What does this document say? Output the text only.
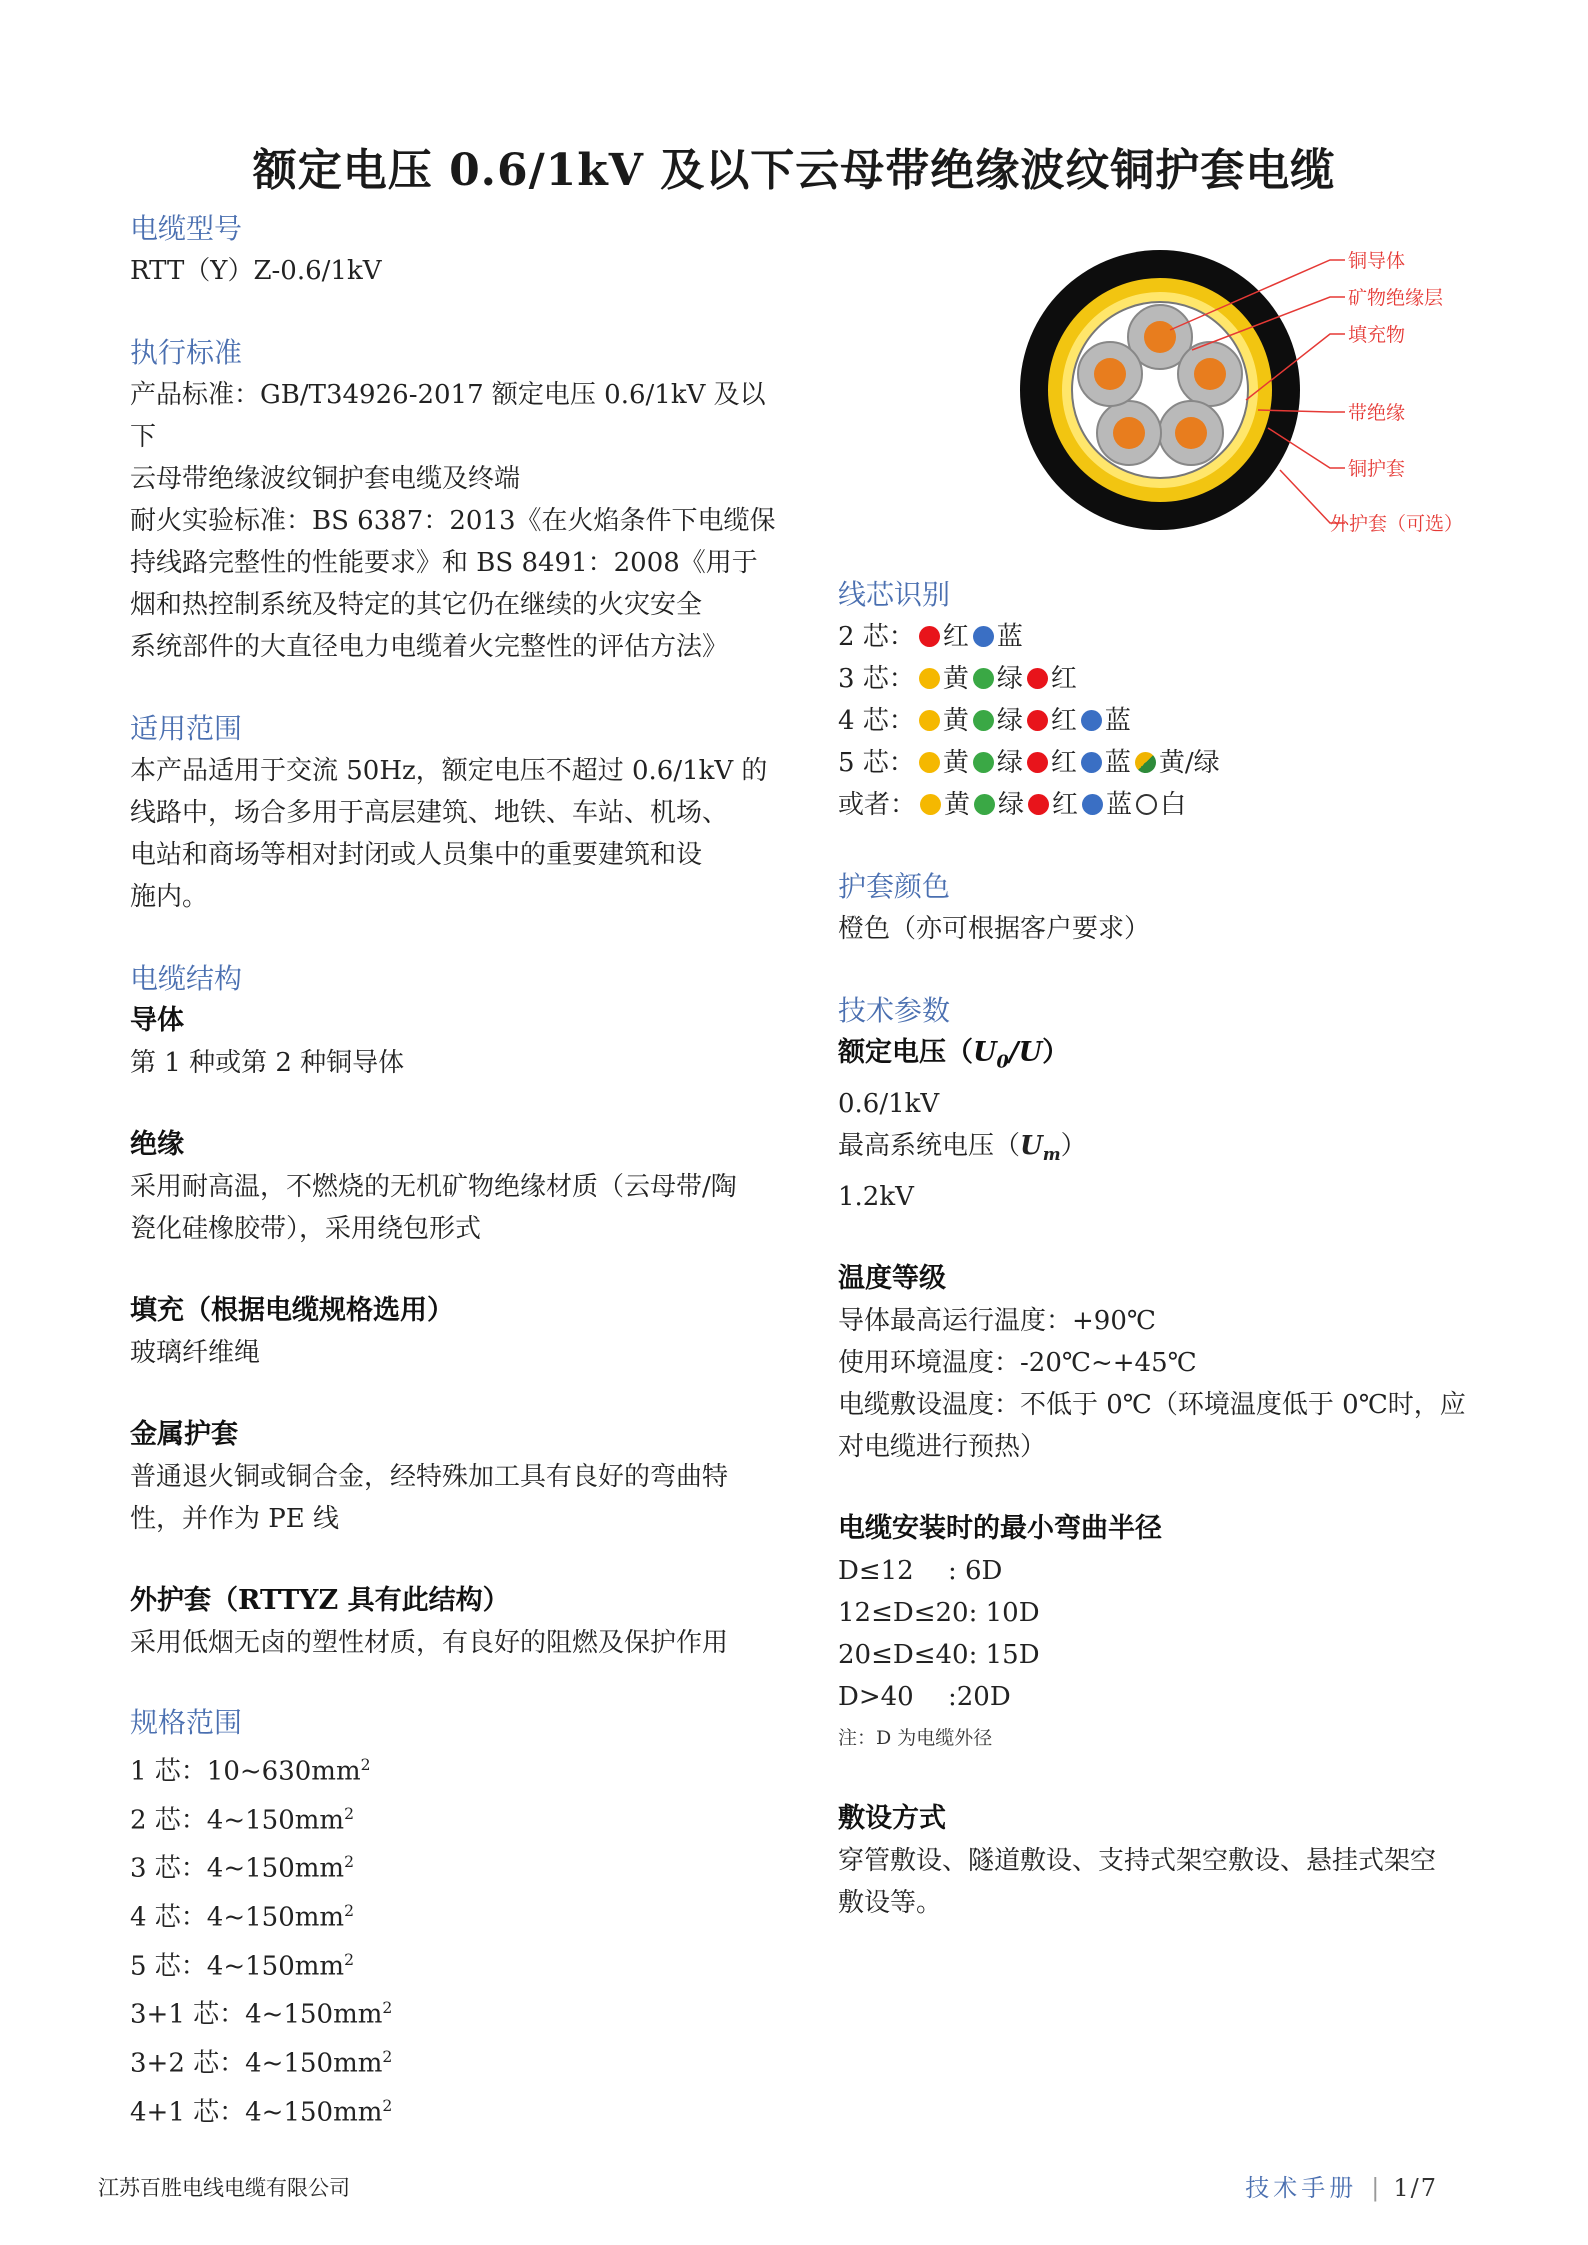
额定电压 0.6/1kV 及以下云母带绝缘波纹铜护套电缆

电缆型号

RTT（Y）Z-0.6/1kV

执行标准

产品标准：GB/T34926-2017 额定电压 0.6/1kV 及以下

云母带绝缘波纹铜护套电缆及终端

耐火实验标准：BS 6387：2013《在火焰条件下电缆保

持线路完整性的性能要求》和 BS 8491：2008《用于

烟和热控制系统及特定的其它仍在继续的火灾安全

系统部件的大直径电力电缆着火完整性的评估方法》

适用范围

本产品适用于交流 50Hz，额定电压不超过 0.6/1kV 的

线路中，场合多用于高层建筑、地铁、车站、机场、

电站和商场等相对封闭或人员集中的重要建筑和设

施内。

电缆结构

导体

第 1 种或第 2 种铜导体

绝缘

采用耐高温，不燃烧的无机矿物绝缘材质（云母带/陶

瓷化硅橡胶带），采用绕包形式

填充（根据电缆规格选用）

玻璃纤维绳

金属护套

普通退火铜或铜合金，经特殊加工具有良好的弯曲特

性，并作为 PE 线

外护套（RTTYZ 具有此结构）

采用低烟无卤的塑性材质，有良好的阻燃及保护作用

规格范围

1 芯：$10\sim 630mm^2$

2 芯：$4\sim 150mm^2$

3 芯：$4\sim 150mm^2$

4 芯：$4\sim 150mm^2$

5 芯：$4\sim 150mm^2$

3+1 芯：$4\sim 150mm^2$

3+2 芯：$4\sim 150mm^2$

4+1 芯：$4\sim 150mm^2$

铜导体
矿物绝缘层
填充物
带绝缘
铜护套
外护套（可选）

线芯识别

2 芯： 红 蓝

3 芯： 黄 绿 红

4 芯： 黄 绿 红 蓝

5 芯： 黄 绿 红 蓝 黄/绿

或者： 黄 绿 红 蓝 白

护套颜色

橙色（亦可根据客户要求）

技术参数

额定电压$(U_0/U)$

0.6/1kV

最高系统电压$(U_m)$

1.2kV

温度等级

导体最高运行温度：+90℃

使用环境温度：-20℃~+45℃

电缆敷设温度：不低于 0℃（环境温度低于 0℃时，应

对电缆进行预热）

电缆安装时的最小弯曲半径

D≤12　 : 6D

12≤D≤20: 10D

20≤D≤40: 15D

D>40　 :20D

注：D 为电缆外径

敷设方式

穿管敷设、隧道敷设、支持式架空敷设、悬挂式架空

敷设等。

江苏百胜电线电缆有限公司	技术手册 | 1/7
